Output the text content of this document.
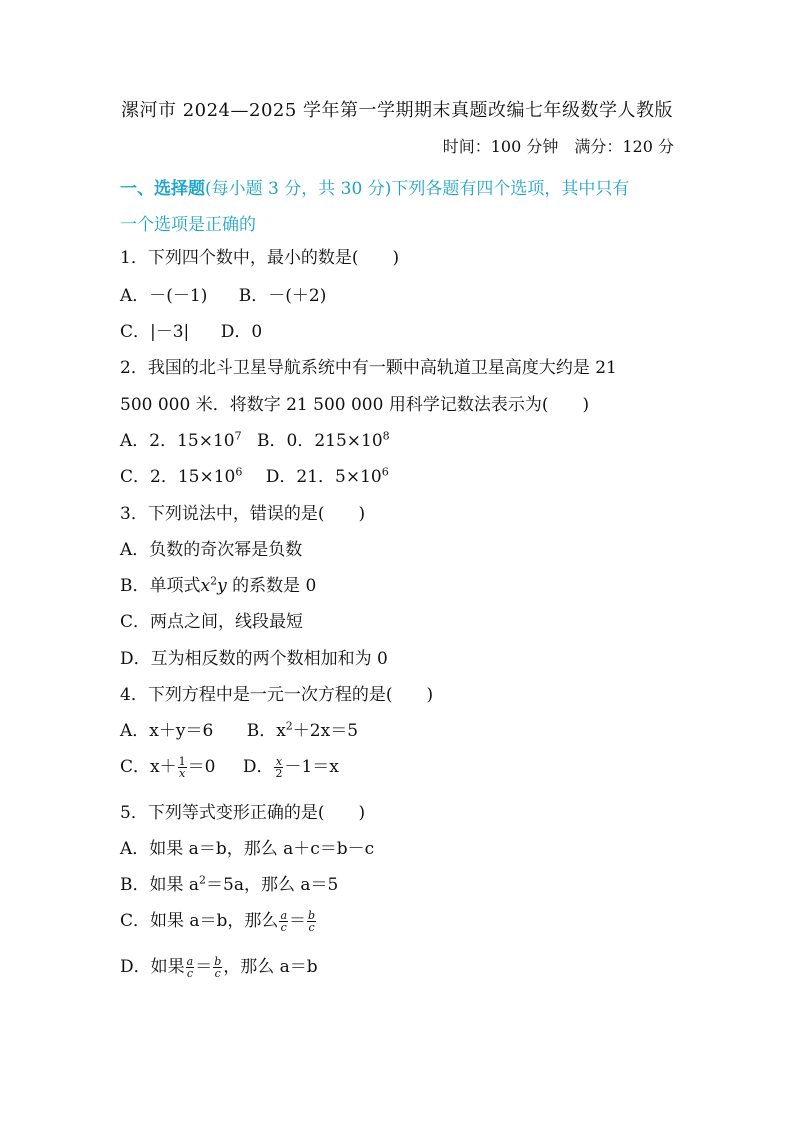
漯河市 2024—2025 学年第一学期期末真题改编七年级数学人教版
时间：100 分钟　满分：120 分
一、选择题(每小题 3 分，共 30 分)下列各题有四个选项，其中只有
一个选项是正确的
1．下列四个数中，最小的数是(　　)
A．－(－1) B．－(＋2)
C．|－3| D．0
2．我国的北斗卫星导航系统中有一颗中高轨道卫星高度大约是 21
500 000 米．将数字 21 500 000 用科学记数法表示为(　　)
A．2．$15\times 10^7$ B．0．$215\times 10^8$
C．2．$15\times 10^6$ D．21．$5\times 10^6$
3．下列说法中，错误的是(　　)
A．负数的奇次幂是负数
B．单项式$x^2y$ 的系数是 0
C．两点之间，线段最短
D．互为相反数的两个数相加和为 0
4．下列方程中是一元一次方程的是(　　)
A．x＋y＝6 B．$x^2+2x=5$
C．$x+ \frac{1}{x} =0$ D． $\frac{x}{2} -1=x$
5．下列等式变形正确的是(　　)
A．如果 a＝b，那么 a＋c＝b－c
B．如果 $a^2=5a$，那么 a＝5
C．如果 a＝b，那么 $\frac{a}{c} = \frac{b}{c}$
D．如果 $\frac{a}{c} = \frac{b}{c}$ ，那么 a＝b
